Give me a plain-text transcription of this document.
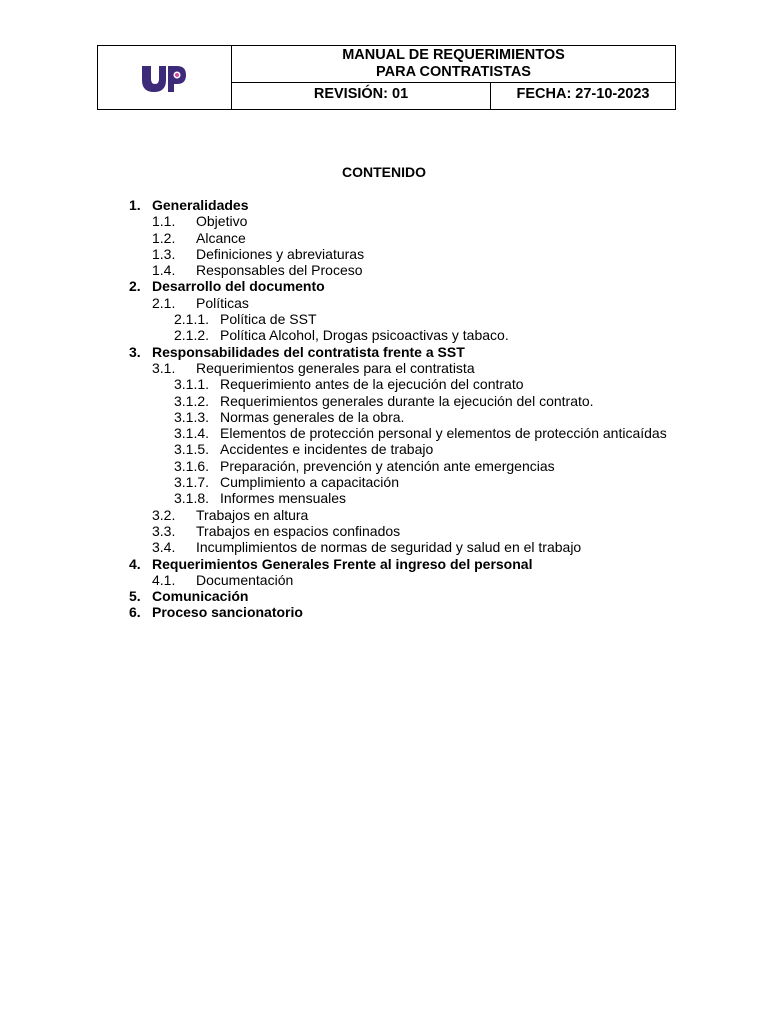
MANUAL DE REQUERIMIENTOS
PARA CONTRATISTAS
REVISIÓN: 01	FECHA: 27-10-2023
CONTENIDO
1. Generalidades
1.1. Objetivo
1.2. Alcance
1.3. Definiciones y abreviaturas
1.4. Responsables del Proceso
2. Desarrollo del documento
2.1. Políticas
2.1.1. Política de SST
2.1.2. Política Alcohol, Drogas psicoactivas y tabaco.
3. Responsabilidades del contratista frente a SST
3.1. Requerimientos generales para el contratista
3.1.1. Requerimiento antes de la ejecución del contrato
3.1.2. Requerimientos generales durante la ejecución del contrato.
3.1.3. Normas generales de la obra.
3.1.4. Elementos de protección personal y elementos de protección anticaídas
3.1.5. Accidentes e incidentes de trabajo
3.1.6. Preparación, prevención y atención ante emergencias
3.1.7. Cumplimiento a capacitación
3.1.8. Informes mensuales
3.2. Trabajos en altura
3.3. Trabajos en espacios confinados
3.4. Incumplimientos de normas de seguridad y salud en el trabajo
4. Requerimientos Generales Frente al ingreso del personal
4.1. Documentación
5. Comunicación
6. Proceso sancionatorio
